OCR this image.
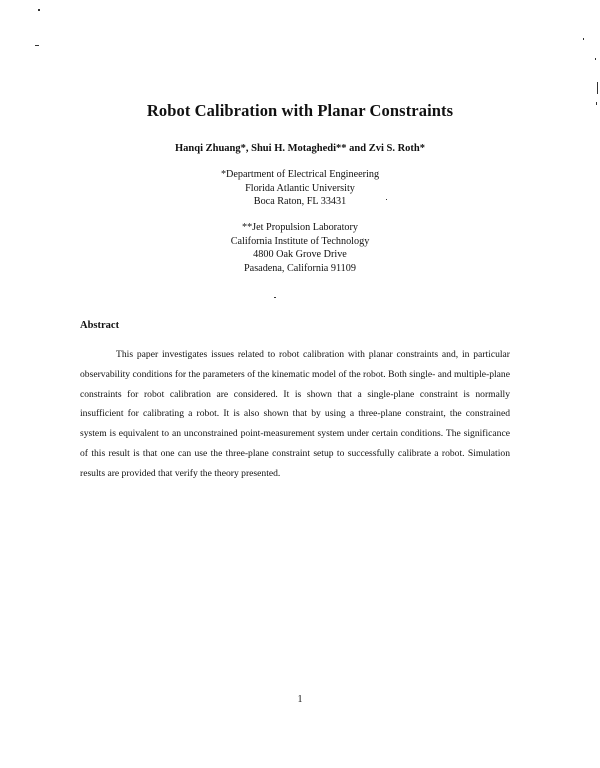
Robot Calibration with Planar Constraints
Hanqi Zhuang*, Shui H. Motaghedi** and Zvi S. Roth*
*Department of Electrical Engineering
Florida Atlantic University
Boca Raton, FL 33431
**Jet Propulsion Laboratory
California Institute of Technology
4800 Oak Grove Drive
Pasadena, California 91109
Abstract

This paper investigates issues related to robot calibration with planar constraints and, in particular observability conditions for the parameters of the kinematic model of the robot. Both single- and multiple-plane constraints for robot calibration are considered. It is shown that a single-plane constraint is normally insufficient for calibrating a robot. It is also shown that by using a three-plane constraint, the constrained system is equivalent to an unconstrained point-measurement system under certain conditions. The significance of this result is that one can use the three-plane constraint setup to successfully calibrate a robot. Simulation results are provided that verify the theory presented.

1
